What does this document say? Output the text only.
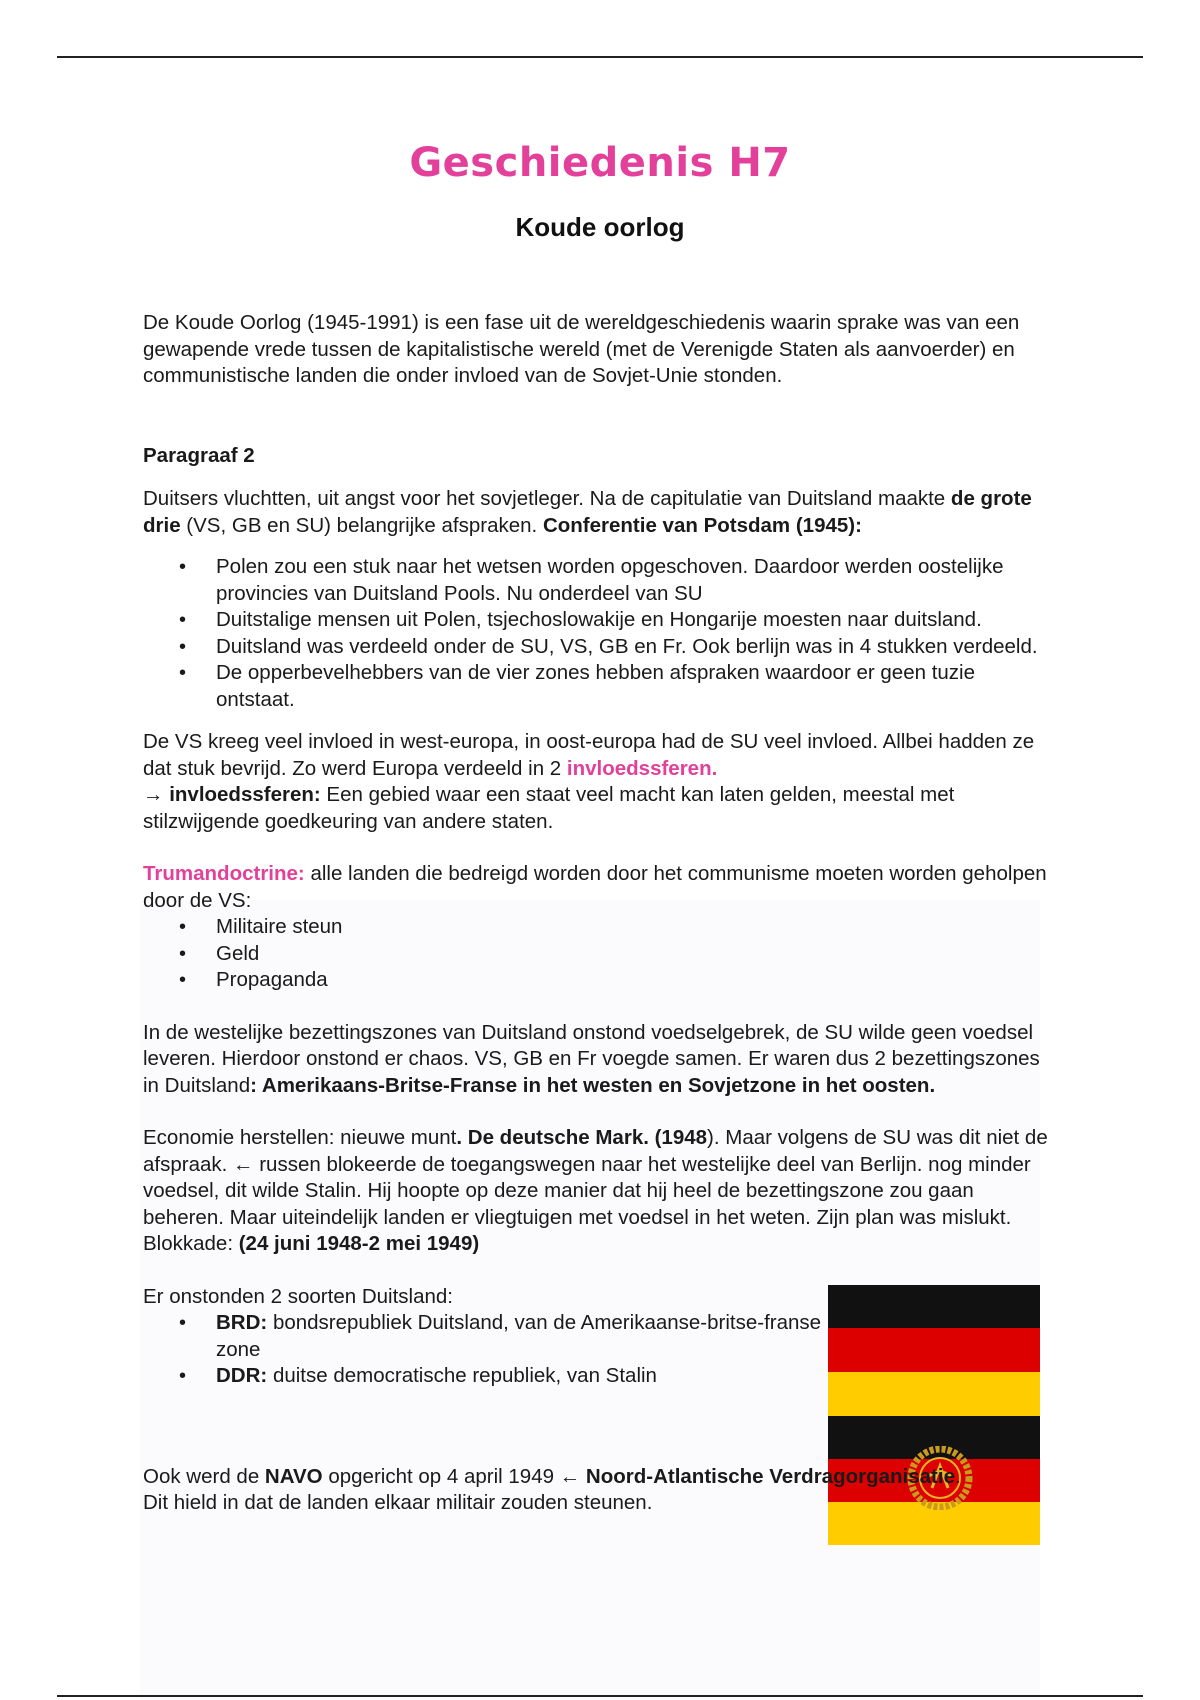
Geschiedenis H7
Koude oorlog

De Koude Oorlog (1945-1991) is een fase uit de wereldgeschiedenis waarin sprake was van een gewapende vrede tussen de kapitalistische wereld (met de Verenigde Staten als aanvoerder) en communistische landen die onder invloed van de Sovjet-Unie stonden.

Paragraaf 2

Duitsers vluchtten, uit angst voor het sovjetleger. Na de capitulatie van Duitsland maakte de grote drie (VS, GB en SU) belangrijke afspraken. Conferentie van Potsdam (1945):

• Polen zou een stuk naar het wetsen worden opgeschoven. Daardoor werden oostelijke provincies van Duitsland Pools. Nu onderdeel van SU
• Duitstalige mensen uit Polen, tsjechoslowakije en Hongarije moesten naar duitsland.
• Duitsland was verdeeld onder de SU, VS, GB en Fr. Ook berlijn was in 4 stukken verdeeld.
• De opperbevelhebbers van de vier zones hebben afspraken waardoor er geen tuzie ontstaat.

De VS kreeg veel invloed in west-europa, in oost-europa had de SU veel invloed. Allbei hadden ze dat stuk bevrijd. Zo werd Europa verdeeld in 2 invloedssferen.
→ invloedssferen: Een gebied waar een staat veel macht kan laten gelden, meestal met stilzwijgende goedkeuring van andere staten.

Trumandoctrine: alle landen die bedreigd worden door het communisme moeten worden geholpen door de VS:

• Militaire steun
• Geld
• Propaganda

In de westelijke bezettingszones van Duitsland onstond voedselgebrek, de SU wilde geen voedsel leveren. Hierdoor onstond er chaos. VS, GB en Fr voegde samen. Er waren dus 2 bezettingszones in Duitsland: Amerikaans-Britse-Franse in het westen en Sovjetzone in het oosten.

Economie herstellen: nieuwe munt. De deutsche Mark. (1948). Maar volgens de SU was dit niet de afspraak. ← russen blokeerde de toegangswegen naar het westelijke deel van Berlijn. nog minder voedsel, dit wilde Stalin. Hij hoopte op deze manier dat hij heel de bezettingszone zou gaan beheren. Maar uiteindelijk landen er vliegtuigen met voedsel in het weten. Zijn plan was mislukt. Blokkade: (24 juni 1948-2 mei 1949)

Er onstonden 2 soorten Duitsland:

• BRD: bondsrepubliek Duitsland, van de Amerikaanse-britse-franse zone
• DDR: duitse democratische republiek, van Stalin

Ook werd de NAVO opgericht op 4 april 1949 ← Noord-Atlantische Verdragorganisatie.
Dit hield in dat de landen elkaar militair zouden steunen.
